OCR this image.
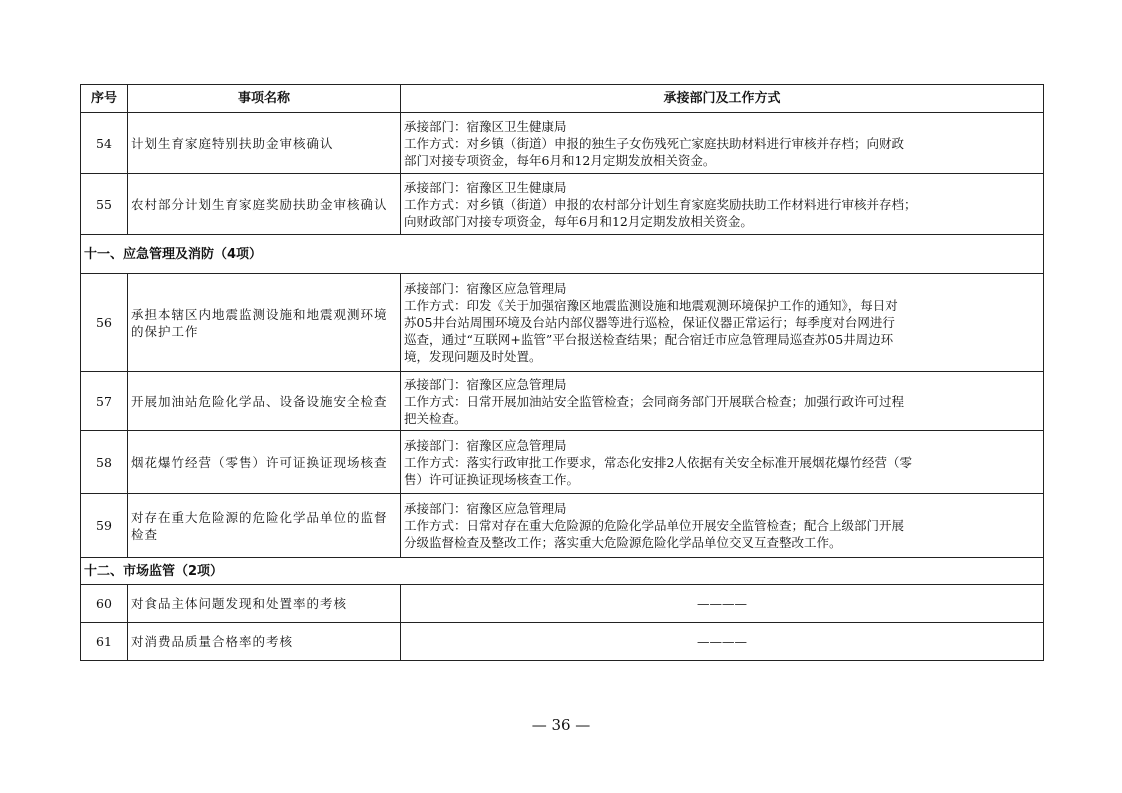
序号	事项名称	承接部门及工作方式
54	计划生育家庭特别扶助金审核确认	承接部门：宿豫区卫生健康局
工作方式：对乡镇（街道）申报的独生子女伤残死亡家庭扶助材料进行审核并存档；向财政
部门对接专项资金，每年6月和12月定期发放相关资金。

55	农村部分计划生育家庭奖励扶助金审核确认	承接部门：宿豫区卫生健康局
工作方式：对乡镇（街道）申报的农村部分计划生育家庭奖励扶助工作材料进行审核并存档；
向财政部门对接专项资金，每年6月和12月定期发放相关资金。

十一、应急管理及消防（4项）		
56	承担本辖区内地震监测设施和地震观测环境的保护工作	承接部门：宿豫区应急管理局
工作方式：印发《关于加强宿豫区地震监测设施和地震观测环境保护工作的通知》，每日对
苏05井台站周围环境及台站内部仪器等进行巡检，保证仪器正常运行；每季度对台网进行
巡查，通过“互联网+监管”平台报送检查结果；配合宿迁市应急管理局巡查苏05井周边环
境，发现问题及时处置。

57	开展加油站危险化学品、设备设施安全检查	承接部门：宿豫区应急管理局
工作方式：日常开展加油站安全监管检查；会同商务部门开展联合检查；加强行政许可过程
把关检查。

58	烟花爆竹经营（零售）许可证换证现场核查	承接部门：宿豫区应急管理局
工作方式：落实行政审批工作要求，常态化安排2人依据有关安全标准开展烟花爆竹经营（零
售）许可证换证现场核查工作。

59	对存在重大危险源的危险化学品单位的监督检查	承接部门：宿豫区应急管理局
工作方式：日常对存在重大危险源的危险化学品单位开展安全监管检查；配合上级部门开展
分级监督检查及整改工作；落实重大危险源危险化学品单位交叉互查整改工作。

十二、市场监管（2项）		
60	对食品主体问题发现和处置率的考核	————
61	对消费品质量合格率的考核	————
— 36 —
